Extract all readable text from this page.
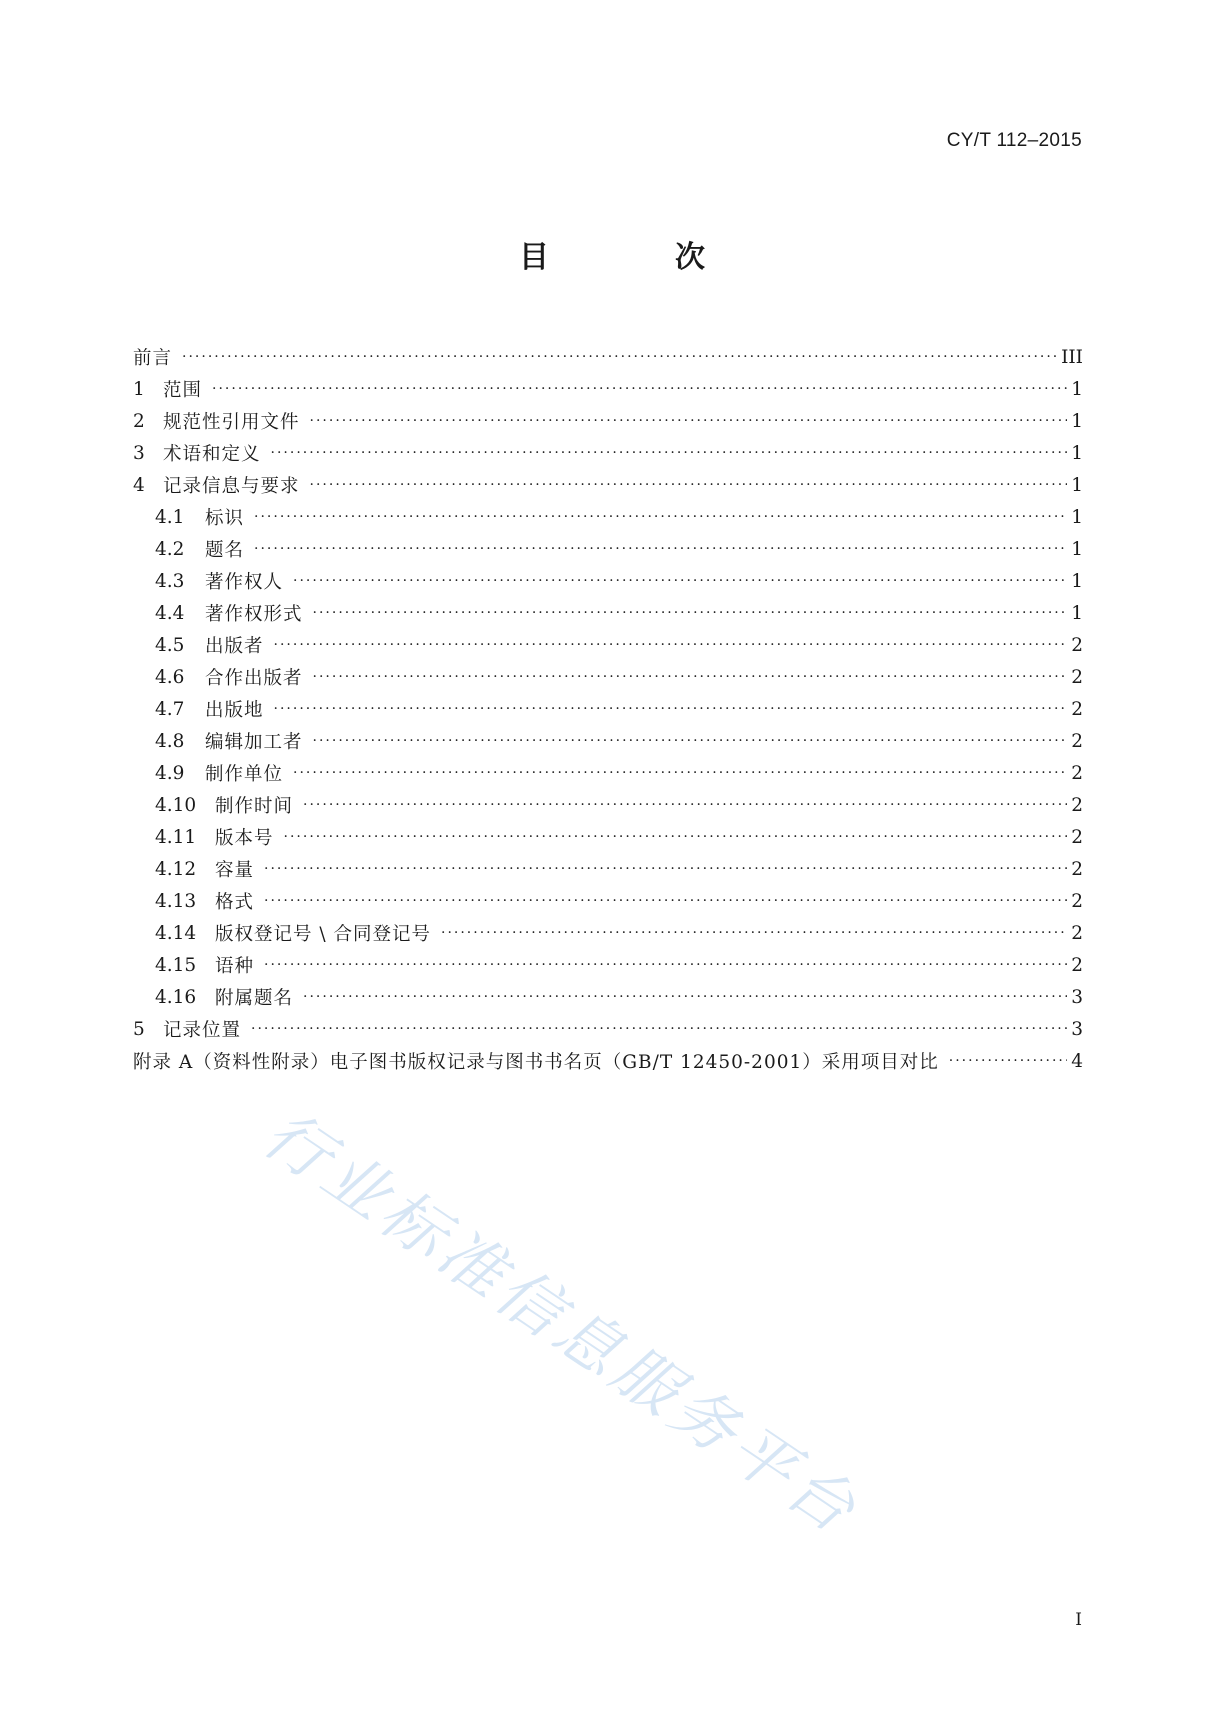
CY/T 112–2015
目　次
前言 ·····	III
1 范围 ·····	1
2 规范性引用文件 ·····	1
3 术语和定义 ·····	1
4 记录信息与要求 ·····	1
4.1	标识 ·····	1
4.2	题名 ·····	1
4.3	著作权人 ·····	1
4.4	著作权形式 ·····	1
4.5	出版者 ·····	2
4.6	合作出版者 ·····	2
4.7	出版地 ·····	2
4.8	编辑加工者 ·····	2
4.9	制作单位 ·····	2
4.10	制作时间 ·····	2
4.11	版本号 ·····	2
4.12	容量 ·····	2
4.13	格式 ·····	2
4.14	版权登记号 \ 合同登记号 ·····	2
4.15	语种 ·····	2
4.16	附属题名 ·····	3
5 记录位置 ·····	3
附录 A（资料性附录）电子图书版权记录与图书书名页（GB/T 12450-2001）采用项目对比 ·····	4
I
行业标准信息服务平台
